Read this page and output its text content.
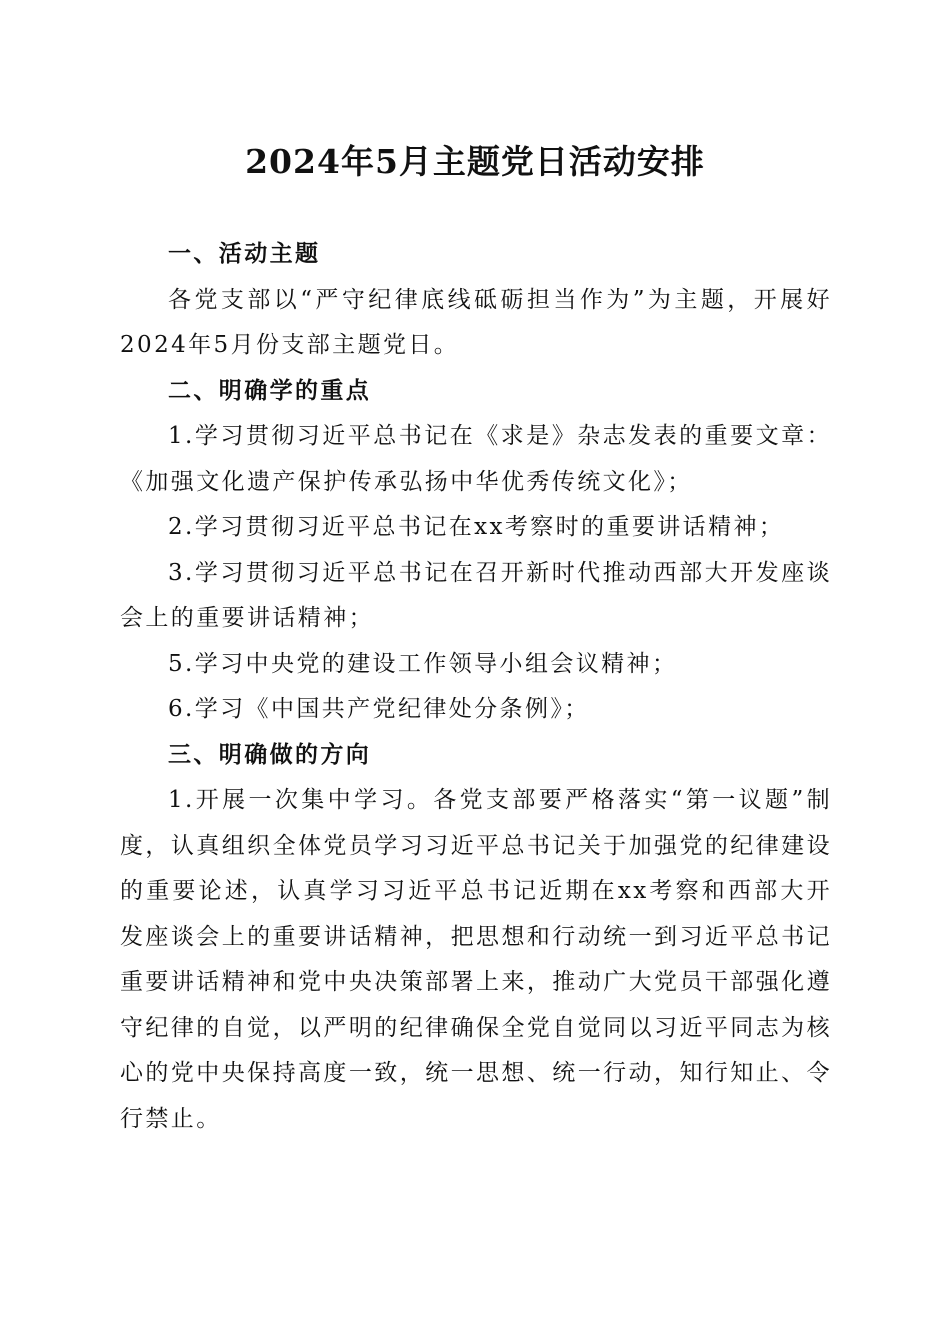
2024年5月主题党日活动安排
一、活动主题

各党支部以“严守纪律底线砥砺担当作为”为主题，开展好2024年5月份支部主题党日。

二、明确学的重点

1.学习贯彻习近平总书记在《求是》杂志发表的重要文章：《加强文化遗产保护传承弘扬中华优秀传统文化》；

2.学习贯彻习近平总书记在xx考察时的重要讲话精神；

3.学习贯彻习近平总书记在召开新时代推动西部大开发座谈会上的重要讲话精神；

5.学习中央党的建设工作领导小组会议精神；

6.学习《中国共产党纪律处分条例》；

三、明确做的方向

1.开展一次集中学习。各党支部要严格落实“第一议题”制度，认真组织全体党员学习习近平总书记关于加强党的纪律建设的重要论述，认真学习习近平总书记近期在xx考察和西部大开发座谈会上的重要讲话精神，把思想和行动统一到习近平总书记重要讲话精神和党中央决策部署上来，推动广大党员干部强化遵守纪律的自觉，以严明的纪律确保全党自觉同以习近平同志为核心的党中央保持高度一致，统一思想、统一行动，知行知止、令行禁止。
